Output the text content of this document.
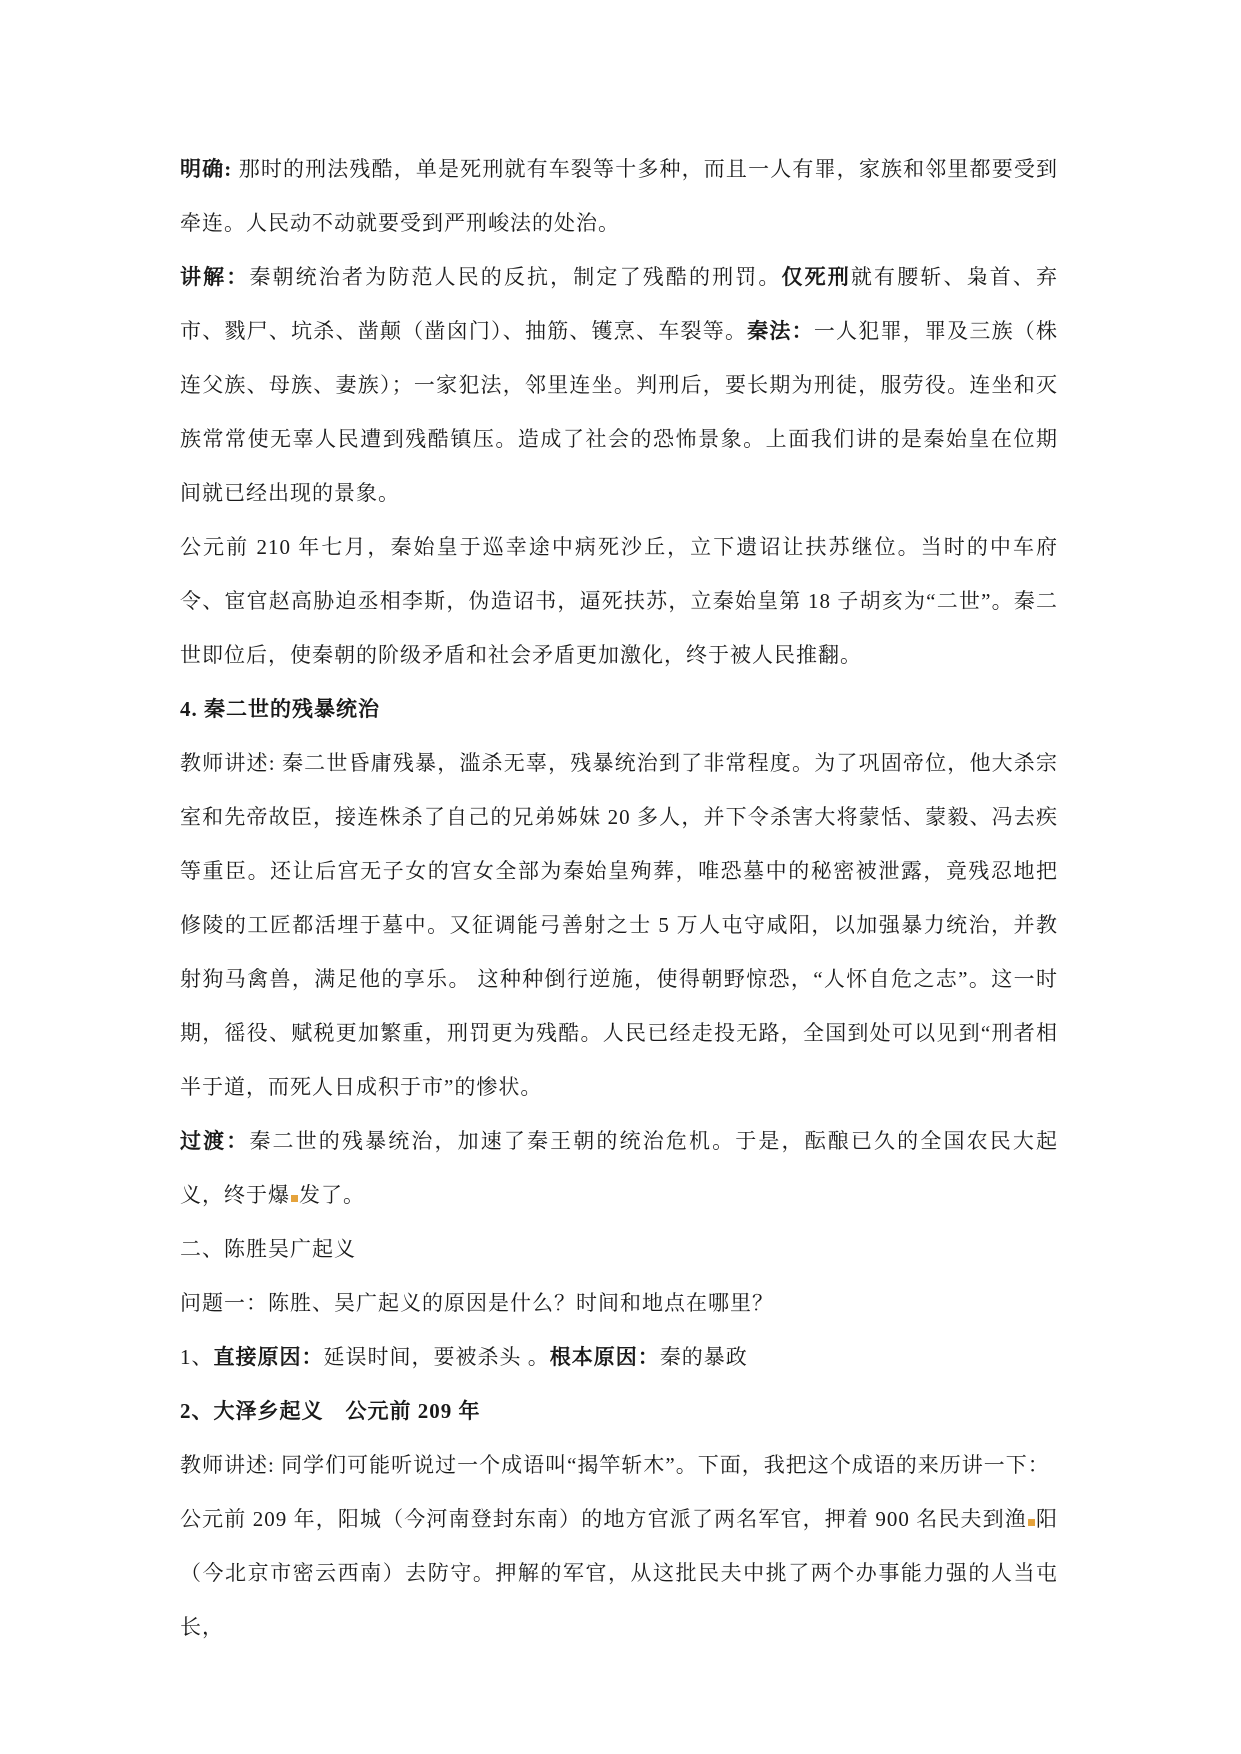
明确: 那时的刑法残酷，单是死刑就有车裂等十多种，而且一人有罪，家族和邻里都要受到牵连。人民动不动就要受到严刑峻法的处治。

讲解：秦朝统治者为防范人民的反抗，制定了残酷的刑罚。仅死刑就有腰斩、枭首、弃市、戮尸、坑杀、凿颠（凿囟门）、抽筋、镬烹、车裂等。秦法：一人犯罪，罪及三族（株连父族、母族、妻族）；一家犯法，邻里连坐。判刑后，要长期为刑徒，服劳役。连坐和灭族常常使无辜人民遭到残酷镇压。造成了社会的恐怖景象。上面我们讲的是秦始皇在位期间就已经出现的景象。

公元前 210 年七月，秦始皇于巡幸途中病死沙丘，立下遗诏让扶苏继位。当时的中车府令、宦官赵高胁迫丞相李斯，伪造诏书，逼死扶苏，立秦始皇第 18 子胡亥为“二世”。秦二世即位后，使秦朝的阶级矛盾和社会矛盾更加激化，终于被人民推翻。

4. 秦二世的残暴统治

教师讲述: 秦二世昏庸残暴，滥杀无辜，残暴统治到了非常程度。为了巩固帝位，他大杀宗室和先帝故臣，接连株杀了自己的兄弟姊妹 20 多人，并下令杀害大将蒙恬、蒙毅、冯去疾等重臣。还让后宫无子女的宫女全部为秦始皇殉葬，唯恐墓中的秘密被泄露，竟残忍地把修陵的工匠都活埋于墓中。又征调能弓善射之士 5 万人屯守咸阳，以加强暴力统治，并教射狗马禽兽，满足他的享乐。 这种种倒行逆施，使得朝野惊恐，“人怀自危之志”。这一时期，徭役、赋税更加繁重，刑罚更为残酷。人民已经走投无路，全国到处可以见到“刑者相半于道，而死人日成积于市”的惨状。

过渡：秦二世的残暴统治，加速了秦王朝的统治危机。于是，酝酿已久的全国农民大起义，终于爆 发了。

二、陈胜吴广起义

问题一：陈胜、吴广起义的原因是什么？时间和地点在哪里？

1、直接原因：延误时间，要被杀头 。根本原因：秦的暴政

2、大泽乡起义　公元前 209 年

教师讲述: 同学们可能听说过一个成语叫“揭竿斩木”。下面，我把这个成语的来历讲一下：

公元前 209 年，阳城（今河南登封东南）的地方官派了两名军官，押着 900 名民夫到渔 阳（今北京市密云西南）去防守。押解的军官，从这批民夫中挑了两个办事能力强的人当屯长，
